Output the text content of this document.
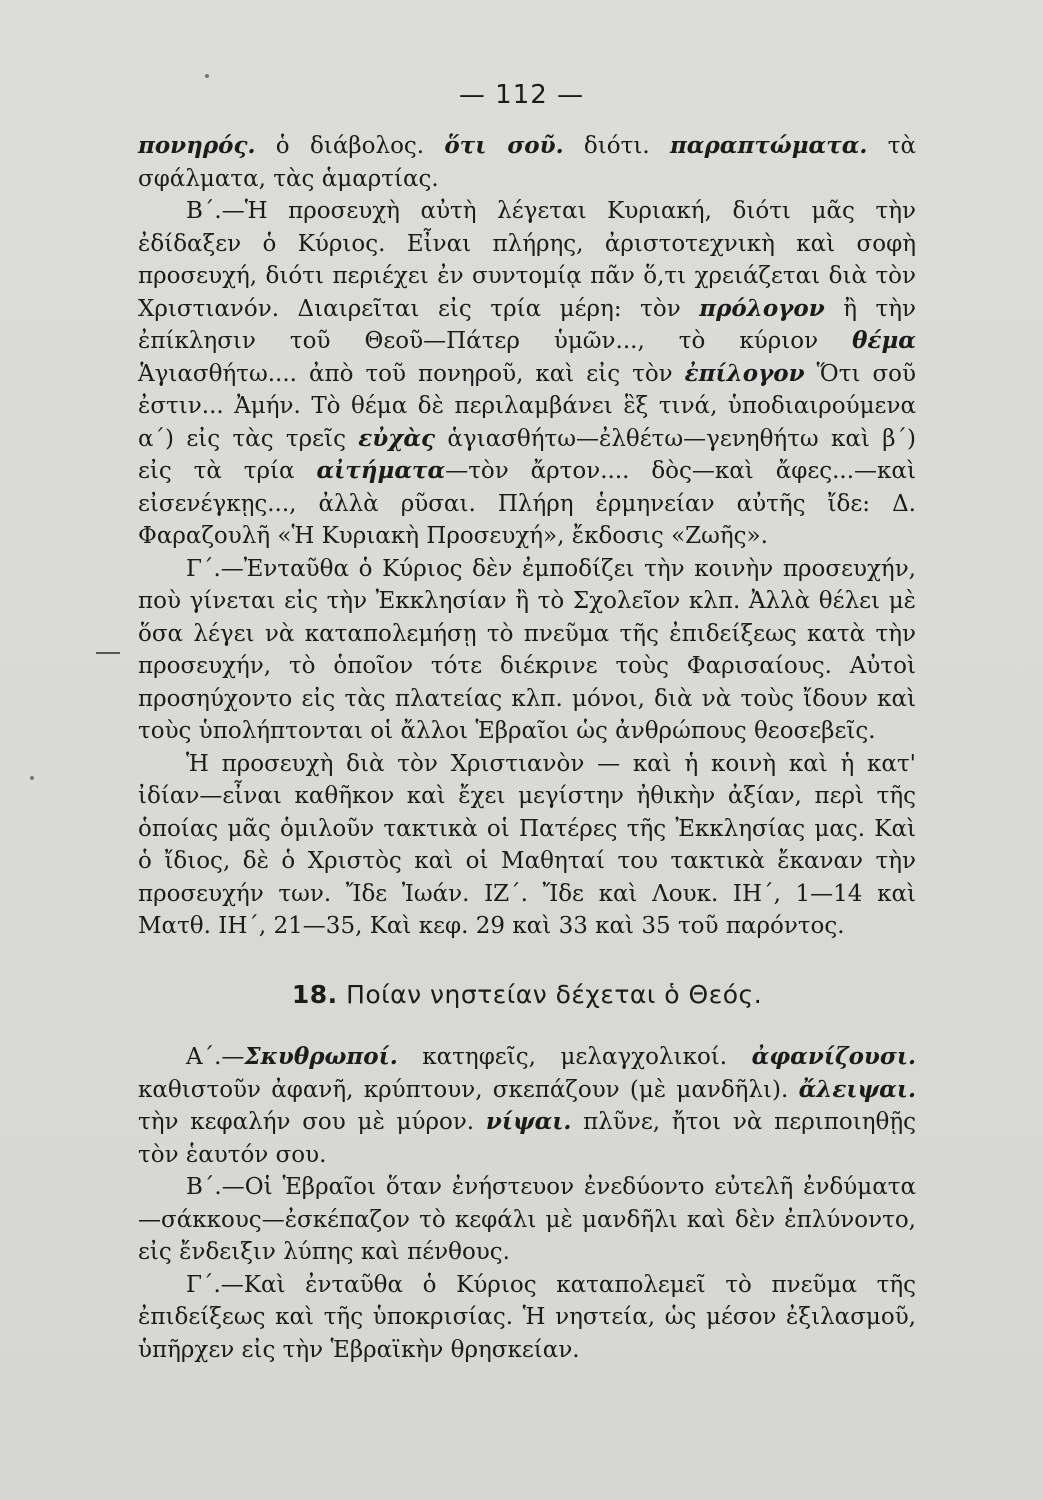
— 112 —

πονηρός. ὁ διάβολος. ὅτι σοῦ. διότι. παραπτώματα. τὰ σφάλματα, τὰς ἁμαρτίας.

Β΄.—Ἡ προσευχὴ αὐτὴ λέγεται Κυριακή, διότι μᾶς τὴν ἐδίδαξεν ὁ Κύριος. Εἶναι πλήρης, ἀριστοτεχνικὴ καὶ σοφὴ προσευχή, διότι περιέχει ἐν συντομίᾳ πᾶν ὅ,τι χρειάζεται διὰ τὸν Χριστιανόν. Διαιρεῖται εἰς τρία μέρη: τὸν πρόλογον ἢ τὴν ἐπίκλησιν τοῦ Θεοῦ—Πάτερ ὑμῶν..., τὸ κύριον θέμα Ἁγιασθήτω.... ἀπὸ τοῦ πονηροῦ, καὶ εἰς τὸν ἐπίλογον Ὅτι σοῦ ἐστιν... Ἀμήν. Τὸ θέμα δὲ περιλαμβάνει ἓξ τινά, ὑποδιαιρούμενα α΄) εἰς τὰς τρεῖς εὐχὰς ἁγιασθήτω—ἐλθέτω—γενηθήτω καὶ β΄) εἰς τὰ τρία αἰτήματα—τὸν ἄρτον.... δὸς—καὶ ἄφες...—καὶ εἰσενέγκῃς..., ἀλλὰ ρῦσαι. Πλήρη ἑρμηνείαν αὐτῆς ἴδε: Δ. Φαραζουλῆ «Ἡ Κυριακὴ Προσευχή», ἔκδοσις «Ζωῆς».

Γ΄.—Ἐνταῦθα ὁ Κύριος δὲν ἐμποδίζει τὴν κοινὴν προσευχήν, ποὺ γίνεται εἰς τὴν Ἐκκλησίαν ἢ τὸ Σχολεῖον κλπ. Ἀλλὰ θέλει μὲ ὅσα λέγει νὰ καταπολεμήσῃ τὸ πνεῦμα τῆς ἐπιδείξεως κατὰ τὴν προσευχήν, τὸ ὁποῖον τότε διέκρινε τοὺς Φαρισαίους. Αὐτοὶ προσηύχοντο εἰς τὰς πλατείας κλπ. μόνοι, διὰ νὰ τοὺς ἴδουν καὶ τοὺς ὑπολήπτονται οἱ ἄλλοι Ἑβραῖοι ὡς ἀνθρώπους θεοσεβεῖς.

Ἡ προσευχὴ διὰ τὸν Χριστιανὸν — καὶ ἡ κοινὴ καὶ ἡ κατ' ἰδίαν—εἶναι καθῆκον καὶ ἔχει μεγίστην ἠθικὴν ἀξίαν, περὶ τῆς ὁποίας μᾶς ὁμιλοῦν τακτικὰ οἱ Πατέρες τῆς Ἐκκλησίας μας. Καὶ ὁ ἴδιος, δὲ ὁ Χριστὸς καὶ οἱ Μαθηταί του τακτικὰ ἔκαναν τὴν προσευχήν των. Ἴδε Ἰωάν. ΙΖ΄. Ἴδε καὶ Λουκ. ΙΗ΄, 1—14 καὶ Ματθ. ΙΗ΄, 21—35, Καὶ κεφ. 29 καὶ 33 καὶ 35 τοῦ παρόντος.

18. Ποίαν νηστείαν δέχεται ὁ Θεός.

Α΄.—Σκυθρωποί. κατηφεῖς, μελαγχολικοί. ἀφανίζουσι. καθιστοῦν ἀφανῆ, κρύπτουν, σκεπάζουν (μὲ μανδῆλι). ἄλειψαι. τὴν κεφαλήν σου μὲ μύρον. νίψαι. πλῦνε, ἤτοι νὰ περιποιηθῇς τὸν ἑαυτόν σου.

Β΄.—Οἱ Ἑβραῖοι ὅταν ἐνήστευον ἐνεδύοντο εὐτελῆ ἐνδύματα—σάκκους—ἐσκέπαζον τὸ κεφάλι μὲ μανδῆλι καὶ δὲν ἐπλύνοντο, εἰς ἔνδειξιν λύπης καὶ πένθους.

Γ΄.—Καὶ ἐνταῦθα ὁ Κύριος καταπολεμεῖ τὸ πνεῦμα τῆς ἐπιδείξεως καὶ τῆς ὑποκρισίας. Ἡ νηστεία, ὡς μέσον ἐξιλασμοῦ, ὑπῆρχεν εἰς τὴν Ἑβραϊκὴν θρησκείαν.
